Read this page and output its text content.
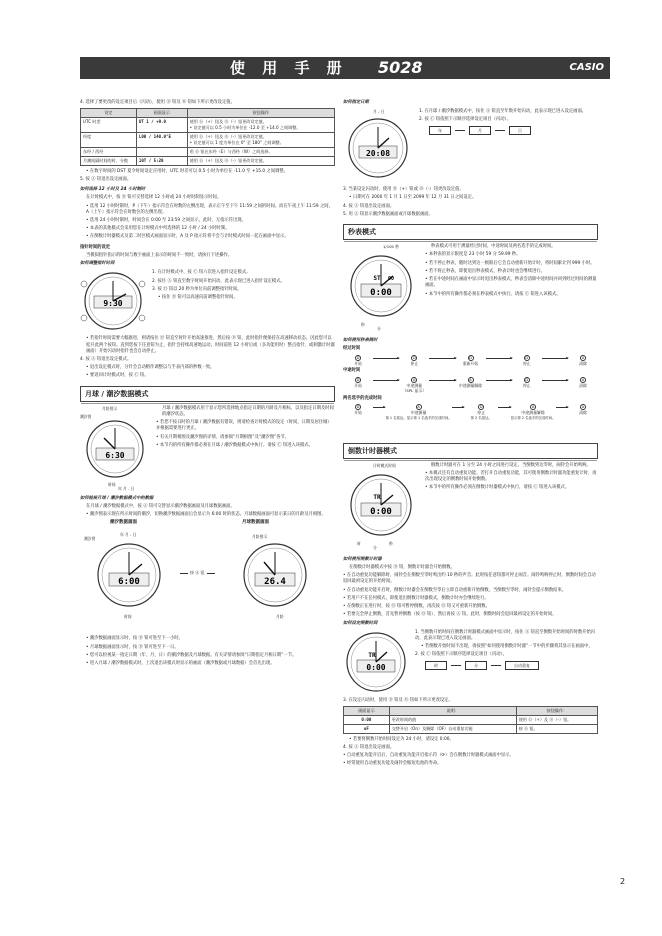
使 用 手 册 5028	CASIO
4. 选择了要更改的设定项目后（闪动），使用 Ⓓ 钮及 Ⓑ 钮如下所示更改设定值。
设定	画面显示	按钮操作
UTC 时差	UT 1 / +9.0	使用 Ⓓ（+）钮及 Ⓑ（-）钮更改设定值。
• 设定值可以 0.5 小时为单位在 -12.0 至 +14.0 之间调整。
经度	L00 / 140.0°E	使用 Ⓓ（+）钮及 Ⓑ（-）钮更改设定值。
• 设定值可以 1 度为单位在 0° 至 180° 之间调整。
东经 / 西经		用 Ⓓ 钮在东经（E）与西经（W）之间选择。
月潮间隔时间的时、分数	10T / 5:20	使用 Ⓓ（+）钮及 Ⓑ（-）钮更改设定值。
• 在数字时间的 DST 夏令时间设定应用时，UTC 时差可以 0.5 小时为单位在 -11.0 至 +15.0 之间调整。
5. 按 Ⓐ 钮退出设定画面。
如何选择 12 小时及 24 小时制时
在计时模式中，按 Ⓓ 钮可交替选择 12 小时或 24 小时时制显示时间。
• 选用 12 小时时制时，P（下午）指示符会在时数的左侧出现，表示正午至下午 11:59 之间的时间。而在午夜上午 11:59 之间，A（上午）指示符会在时数位的左侧出现。
• 选用 24 小时时制时，时间会在 0:00 至 23:59 之间显示，此时，无指示符出现。
• 本表的其他模式会采用您在计时模式中所选择的 12 小时 / 24 小时时制。
• 在倒数计时器模式及第二时区模式画面显示时，A 及 P 指示符将不会与计时模式时间一起在画面中显示。
指针时间的设定
当模拟指针指示的时间与数字画面上表示的时间不一致时，请执行下述操作。
如何调整指针时间
9:30
1. 在计时模式中，按 Ⓒ 钮六次进入指针设定模式。
2. 按住 Ⓐ 钮直至数字时间开始闪动，此表示现已进入指针设定模式。
3. 按 Ⓓ 钮以 20 秒为单位向前调整指针时间。
• 按住 Ⓓ 钮可以高速向前调整指针时间。
• 若指针时间需要大幅推进，则请按住 Ⓓ 钮直至时针开始高速推进，然后按 Ⓑ 钮，此时指针便保持在高速移动状态，因此您可以松开此两个按钮。直到您按下任意钮为止，指针会持续高速地运动。时间前进 12 小时后或（多功能用时）整点指针，或刺激计时器画面）开始闪动时指针也会自动停止。
4. 按 Ⓐ 钮退出设定模式。
• 退出设定模式时，分针会自动稍作调整以与手表内部的秒数一致。
• 要返回计时模式时，按 Ⓒ 钮。
月球 / 潮汐数据模式
月龄图示
潮汐图
6:30
时间
年 月 - 日
月球 / 潮汐数据模式用于显示您所选择地点指定日期的月龄及月相标，以及指定日期及时间的潮汐状态。
• 若您不按日时的月球 / 潮汐数据有错误，则请检查计时模式的设定（时间、日期及居住城）并根据需要进行更正。
• 有关月期相图及潮汐图的详情，请参阅“月期相图”及“潮汐图”各节。
• 本节内的所有操作都必须在月球 / 潮汐数据模式中执行。请按 Ⓒ 钮进入该模式。
如何检视月球 / 潮汐数据模式中的数据
在月球 / 潮汐数据模式中，按 Ⓐ 钮可交替显示潮汐数据画面及月球数据画面。
• 潮汐图表示现在所示时间的潮汐，切换潮汐数据画面后会显示为 6:00 时的状态。月球数据画面可显示某日的月龄及月相图。
潮汐数据画面	月球数据画面
潮汐图
年 月 - 日	月龄图示
6:00
按 Ⓐ 钮
26.4
时间	月龄
• 潮汐数据画面显示时，按 Ⓓ 钮可进至下一小时。
• 月球数据画面显示时，按 Ⓓ 钮可进至下一日。
• 您可以检视某一指定日期（年、月、日）的潮汐数据及月球数据。有关详情请参阅“日期指定月相日期”一节。
• 进入月球 / 潮汐数据模式时，上次退出该模式时显示的画面（潮汐数据或月球数据）会首先出现。
如何指定日期
月 - 日
20:08
1. 在月球 / 潮汐数据模式中，按住 Ⓐ 钮直至年数开始闪动，此表示现已进入设定画面。
2. 按 Ⓒ 钮依照下示顺序选择设定项目（闪动）。
年	月	日
3. 当某设定闪动时，使用 Ⓓ（+）钮或 Ⓑ（-）钮更改设定值。
• 日期可在 2000 年 1 月 1 日至 2099 年 12 月 31 日之间设定。
4. 按 Ⓐ 钮退出设定画面。
5. 用 Ⓐ 钮显示潮汐数据画面或月球数据画面。
秒表模式
1/100 秒
ST 00
0:00
秒
分
秒表模式可用于测量经过时间、中途时间及两名选手的完成时间。
• 本秒表的显示限度是 23 小时 59 分 59.99 秒。
• 若不停止秒表，随时达到这一极限后它会自动重新开始计时，将时间累计到 999 小时。
• 若不将止秒表，即使退出秒表模式，秒表计时也会继续进行。
• 若在中途时间在画面中显示时退出秒表模式，秒表会清除中途时间并回到经过时间的测量画面。
• 本节中的所有操作都必须在秒表模式中执行。请按 Ⓒ 钮进入该模式。
如何使用秒表测时
经过时间
D
开始
D
停止
D
重新开始
D
停止
A
清除
中途时间
D
开始
A
中途测量
（SPL 显示）
A
中途测量解除
D
停止
A
清除
两名选手的完成时间
D
开始
A
中途测量
第 1 名抵达。显示第 1 名选手的完成时间。
D
停止
第 2 名抵达。
A
中途测量解除
显示第 2 名选手的完成时间。
A
清除
倒数计时器模式
计时模式时间
TR
0:00
时
分
秒
倒数计时器可在 1 分至 24 小时之间进行设定。当倒数到达零时，闹铃会开始鸣响。
• 本模式还有自动重复功能。若打开自动重复功能，其可使用倒数计时器功能重复计时，再次出现设定的倒数时间开始倒数。
• 本节中的所有操作必须在倒数计时器模式中执行，请按 Ⓒ 钮进入该模式。
如何使用倒数计时器
在倒数计时器模式中按 Ⓓ 钮，倒数计时器会开始倒数。
• 在自动重复功能解除时，闹铃会在倒数至零时鸣出约 10 秒的声音。此时按任意钮都可停止闹音。闹铃鸣响停止时，倒数时间会自动返回最初设定的开始时间。
• 在自动重复功能开启时，倒数计时器会在倒数至零后立即自动重新开始倒数。当倒数至零时，闹铃会提示倒数结束。
• 若用户不在任何模式，即使退出倒数计时器模式，倒数计时亦会继续进行。
• 在倒数正在进行时，按 Ⓓ 钮可暂停倒数。再次按 Ⓓ 钮又可重新开始倒数。
• 若要完全停止倒数，首先暂停倒数（按 Ⓓ 钮），然后再按 Ⓐ 钮。此时，倒数时间会返回最初设定的开始时间。
如何设定倒数时间
TR
0:00
1. 当倒数开始时间在倒数计时器模式画面中显示时，按住 Ⓐ 钮直至倒数开始时间的时数开始闪动，此表示现已进入设定画面。
• 若倒数开始时间不出现，请按照“如何使用倒数计时器”一节中的步骤将其显示在画面中。
2. 按 Ⓒ 钮依照下示顺序选择设定项目（闪动）。
时	分	自动重复
3. 在设定闪动时，使用 Ⓓ 钮及 Ⓑ 钮如下所示更改设定。
画面显示	说明：	按钮操作：
0:00	更改时间的值	使用 Ⓓ（+）及 Ⓑ（-）钮。
oF	交替开启（On）及解除（OF）自动重复功能	按 Ⓓ 钮。
• 若要将倒数开始时间设定为 24 小时，请设定 0:00。
4. 按 Ⓐ 钮退出设定画面。
• 自动重复功能开启后，自动重复功能开启指示符（⟳）会在倒数计时器模式画面中显示。
• 经常使用自动重复功能及闹铃会缩短电池的寿命。
2
